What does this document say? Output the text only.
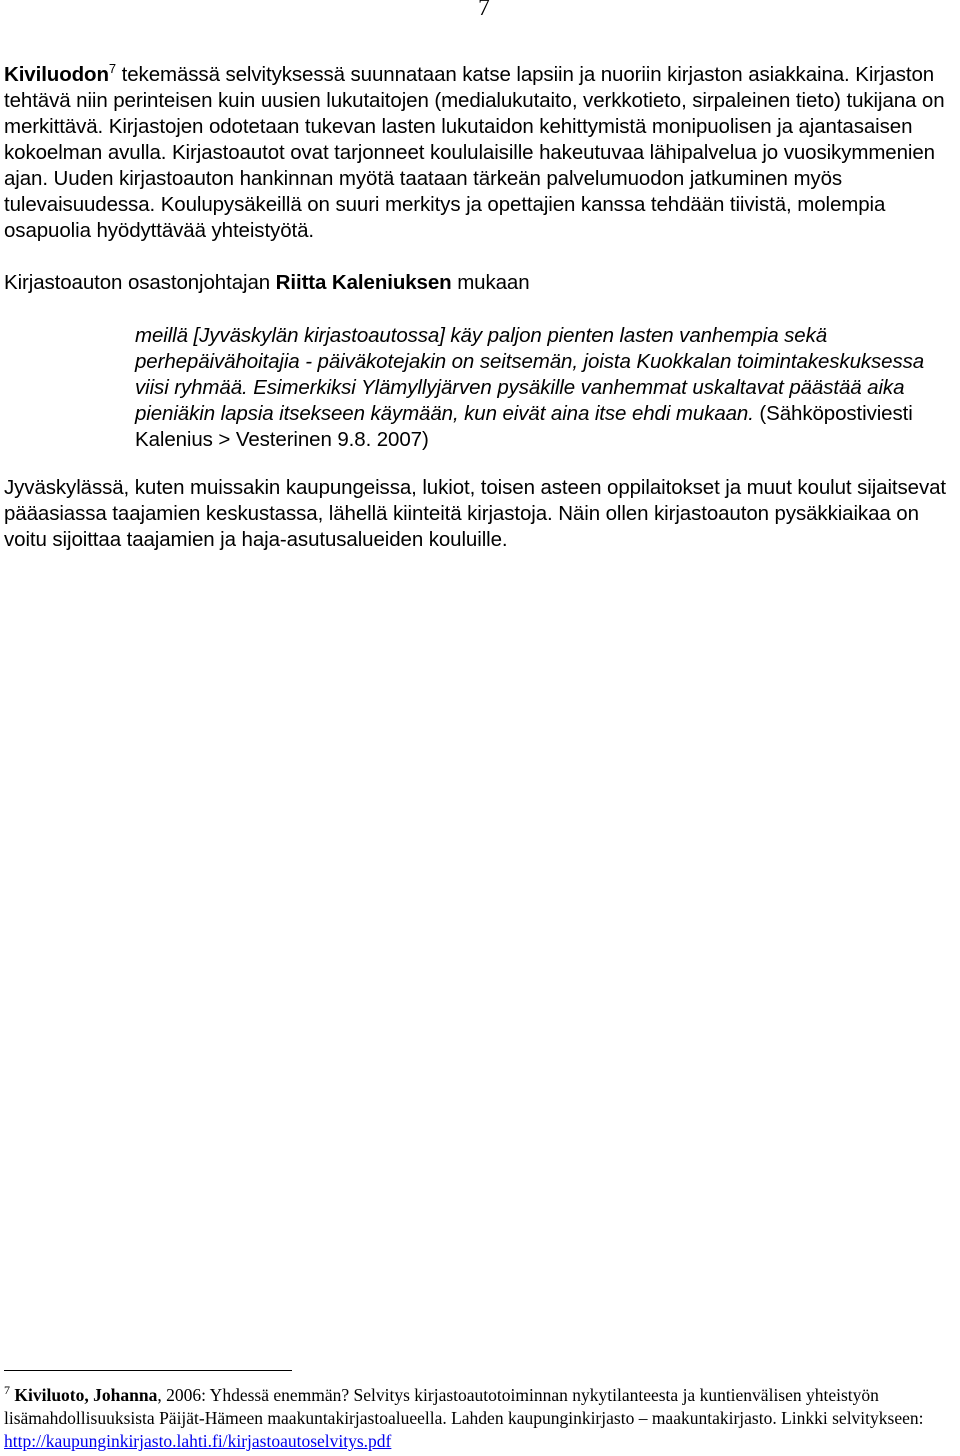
7

Kiviluodon$^7$ tekemässä selvityksessä suunnataan katse lapsiin ja nuoriin kirjaston asiakkaina. Kirjaston tehtävä niin perinteisen kuin uusien lukutaitojen (medialukutaito, verkkotieto, sirpaleinen tieto) tukijana on merkittävä. Kirjastojen odotetaan tukevan lasten lukutaidon kehittymistä monipuolisen ja ajantasaisen kokoelman avulla. Kirjastoautot ovat tarjonneet koululaisille hakeutuvaa lähipalvelua jo vuosikymmenien ajan. Uuden kirjastoauton hankinnan myötä taataan tärkeän palvelumuodon jatkuminen myös tulevaisuudessa. Koulupysäkeillä on suuri merkitys ja opettajien kanssa tehdään tiivistä, molempia osapuolia hyödyttävää yhteistyötä.

Kirjastoauton osastonjohtajan Riitta Kaleniuksen mukaan

meillä [Jyväskylän kirjastoautossa] käy paljon pienten lasten vanhempia sekä perhepäivähoitajia - päiväkotejakin on seitsemän, joista Kuokkalan toimintakeskuksessa viisi ryhmää. Esimerkiksi Ylämyllyjärven pysäkille vanhemmat uskaltavat päästää aika pieniäkin lapsia itsekseen käymään, kun eivät aina itse ehdi mukaan. (Sähköpostiviesti Kalenius > Vesterinen 9.8. 2007)

Jyväskylässä, kuten muissakin kaupungeissa, lukiot, toisen asteen oppilaitokset ja muut koulut sijaitsevat pääasiassa taajamien keskustassa, lähellä kiinteitä kirjastoja. Näin ollen kirjastoauton pysäkkiaikaa on voitu sijoittaa taajamien ja haja-asutusalueiden kouluille.

$^7$ Kiviluoto, Johanna, 2006: Yhdessä enemmän? Selvitys kirjastoautotoiminnan nykytilanteesta ja kuntienvälisen yhteistyön lisämahdollisuuksista Päijät-Hämeen maakuntakirjastoalueella. Lahden kaupunginkirjasto – maakuntakirjasto. Linkki selvitykseen: http://kaupunginkirjasto.lahti.fi/kirjastoautoselvitys.pdf
